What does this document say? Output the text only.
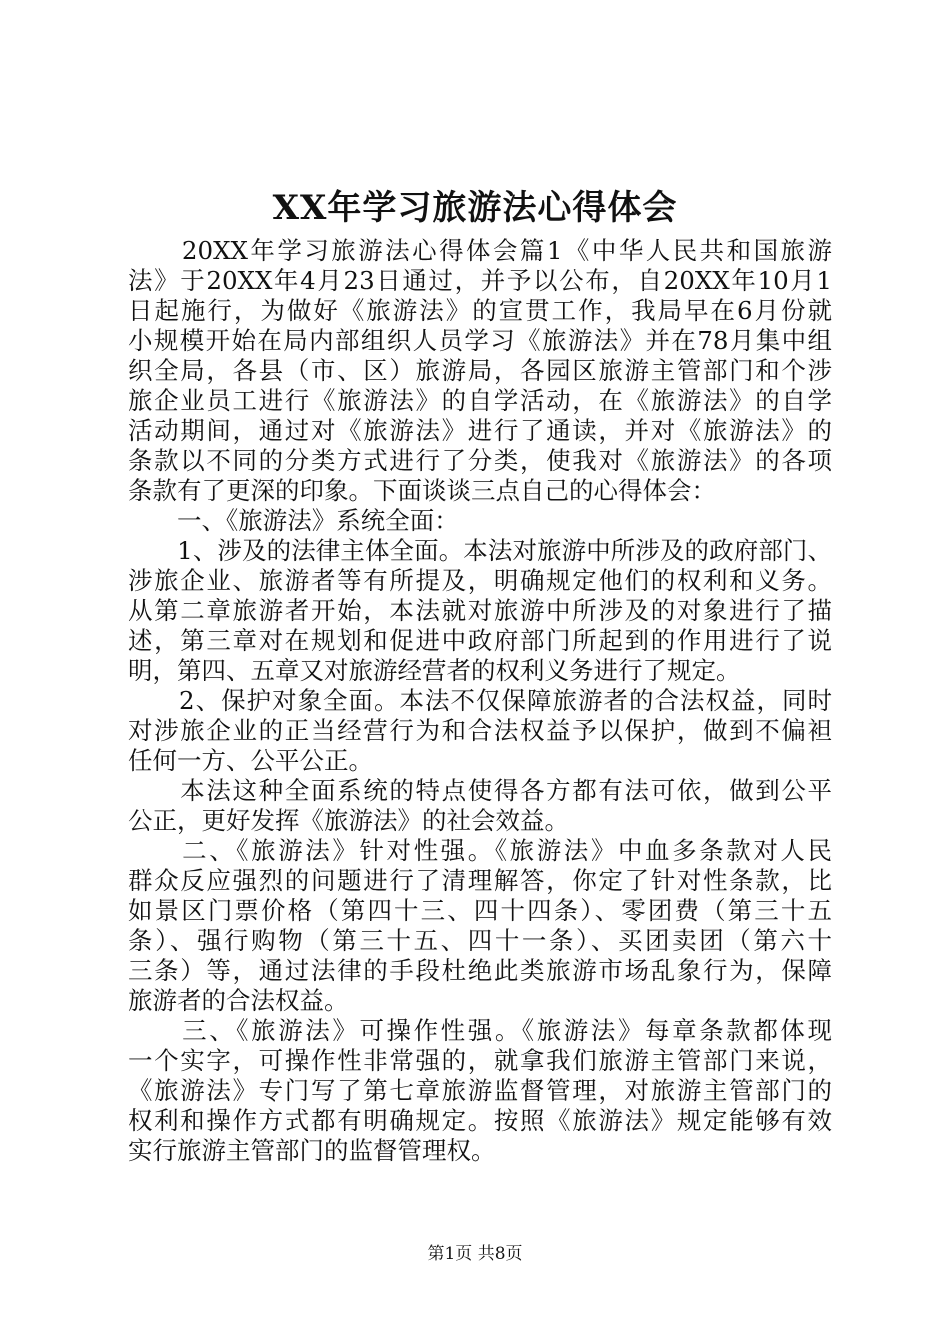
XX年学习旅游法心得体会
　　20XX年学习旅游法心得体会篇1《中华人民共和国旅游
法》于20XX年4月23日通过，并予以公布，自20XX年10月1
日起施行，为做好《旅游法》的宣贯工作，我局早在6月份就
小规模开始在局内部组织人员学习《旅游法》并在78月集中组
织全局，各县（市、区）旅游局，各园区旅游主管部门和个涉
旅企业员工进行《旅游法》的自学活动，在《旅游法》的自学
活动期间，通过对《旅游法》进行了通读，并对《旅游法》的
条款以不同的分类方式进行了分类，使我对《旅游法》的各项
条款有了更深的印象。下面谈谈三点自己的心得体会：
　　一、《旅游法》系统全面：
　　1、涉及的法律主体全面。本法对旅游中所涉及的政府部门、
涉旅企业、旅游者等有所提及，明确规定他们的权利和义务。
从第二章旅游者开始，本法就对旅游中所涉及的对象进行了描
述，第三章对在规划和促进中政府部门所起到的作用进行了说
明，第四、五章又对旅游经营者的权利义务进行了规定。
　　2、保护对象全面。本法不仅保障旅游者的合法权益，同时
对涉旅企业的正当经营行为和合法权益予以保护，做到不偏袒
任何一方、公平公正。
　　本法这种全面系统的特点使得各方都有法可依，做到公平
公正，更好发挥《旅游法》的社会效益。
　　二、《旅游法》针对性强。《旅游法》中血多条款对人民
群众反应强烈的问题进行了清理解答，你定了针对性条款，比
如景区门票价格（第四十三、四十四条）、零团费（第三十五
条）、强行购物（第三十五、四十一条）、买团卖团（第六十
三条）等，通过法律的手段杜绝此类旅游市场乱象行为，保障
旅游者的合法权益。
　　三、《旅游法》可操作性强。《旅游法》每章条款都体现
一个实字，可操作性非常强的，就拿我们旅游主管部门来说，
《旅游法》专门写了第七章旅游监督管理，对旅游主管部门的
权利和操作方式都有明确规定。按照《旅游法》规定能够有效
实行旅游主管部门的监督管理权。
第1页 共8页
